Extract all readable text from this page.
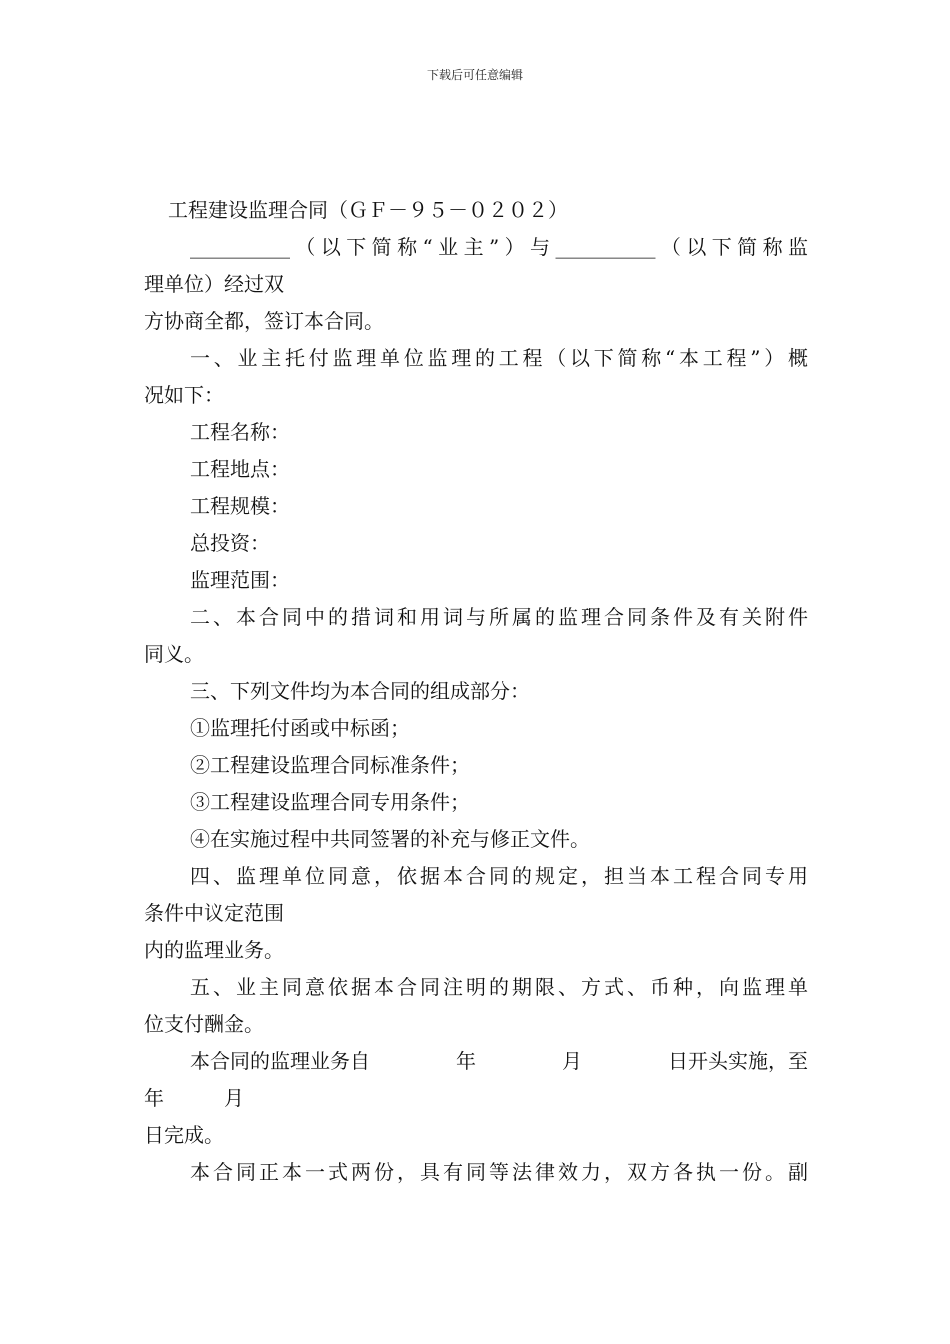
下载后可任意编辑

工程建设监理合同（ＧＦ－９５－０２０２）

__________（以下简称“业主”）与__________（以下简称监

理单位）经过双

方协商全都，签订本合同。

一、业主托付监理单位监理的工程（以下简称“本工程”）概

况如下：

工程名称：

工程地点：

工程规模：

总投资：

监理范围：

二、本合同中的措词和用词与所属的监理合同条件及有关附件

同义。

三、下列文件均为本合同的组成部分：

①监理托付函或中标函；

②工程建设监理合同标准条件；

③工程建设监理合同专用条件；

④在实施过程中共同签署的补充与修正文件。

四、监理单位同意，依据本合同的规定，担当本工程合同专用

条件中议定范围

内的监理业务。

五、业主同意依据本合同注明的期限、方式、币种，向监理单

位支付酬金。

本合同的监理业务自	年	月	日开头实施，至

年　　　月

日完成。

本合同正本一式两份，具有同等法律效力，双方各执一份。副
